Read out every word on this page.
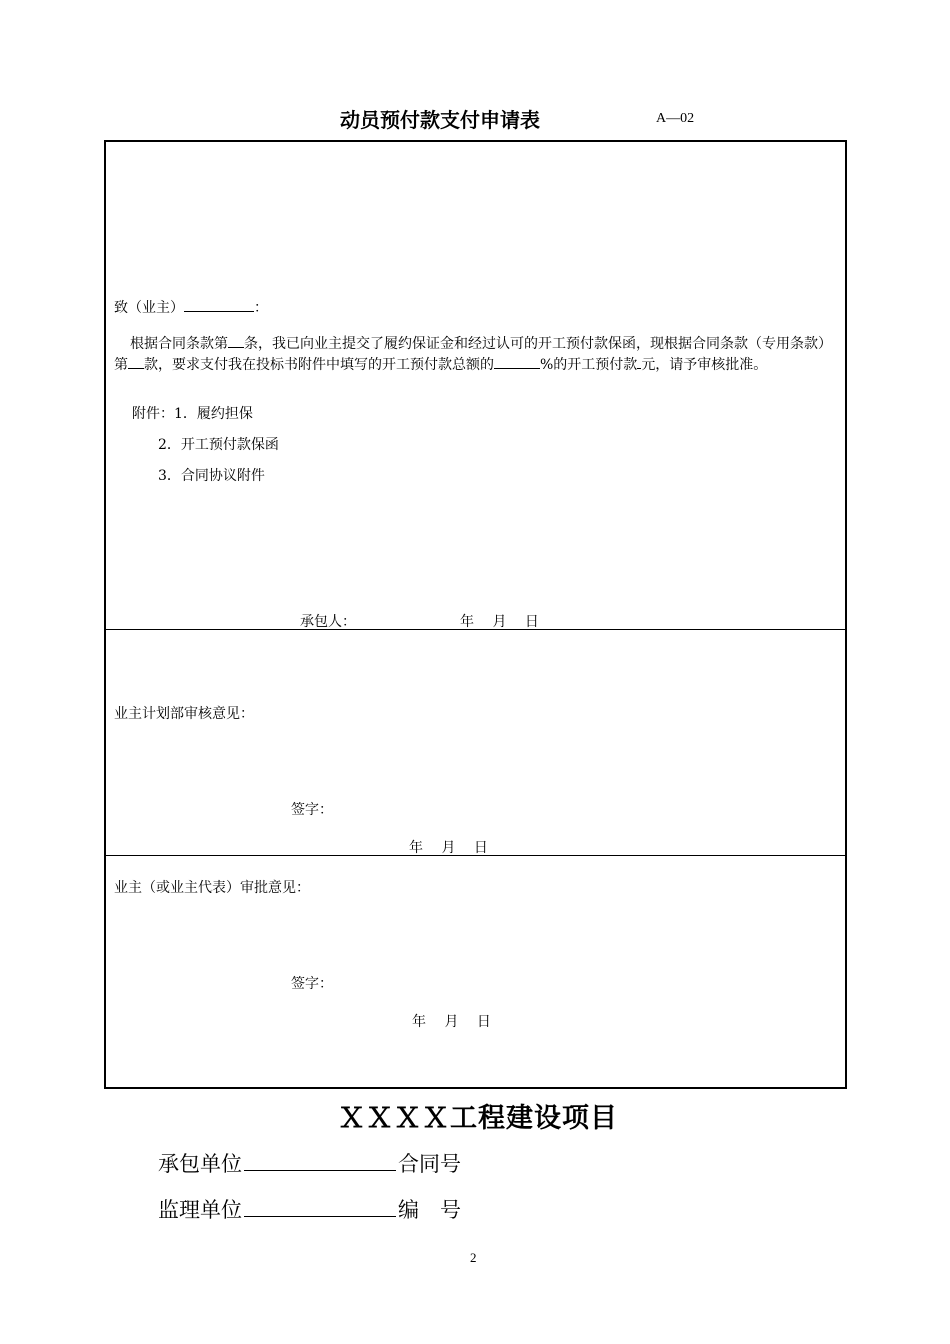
动员预付款支付申请表	A—02
致（业主）	：
根据合同条款第 条，我已向业主提交了履约保证金和经过认可的开工预付款保函，现根据合同条款（专用条款）第 款，要求支付我在投标书附件中填写的开工预付款总额的	%的开工预付款 元，请予审核批准。
附件：1．履约担保
2．开工预付款保函
3．合同协议附件
承包人：	年　 月　 日
业主计划部审核意见：
签字：
年　 月　 日
业主（或业主代表）审批意见：
签字：
年　 月　 日
ＸＸＸＸ工程建设项目
承包单位	合同号
监理单位	编　号
2
